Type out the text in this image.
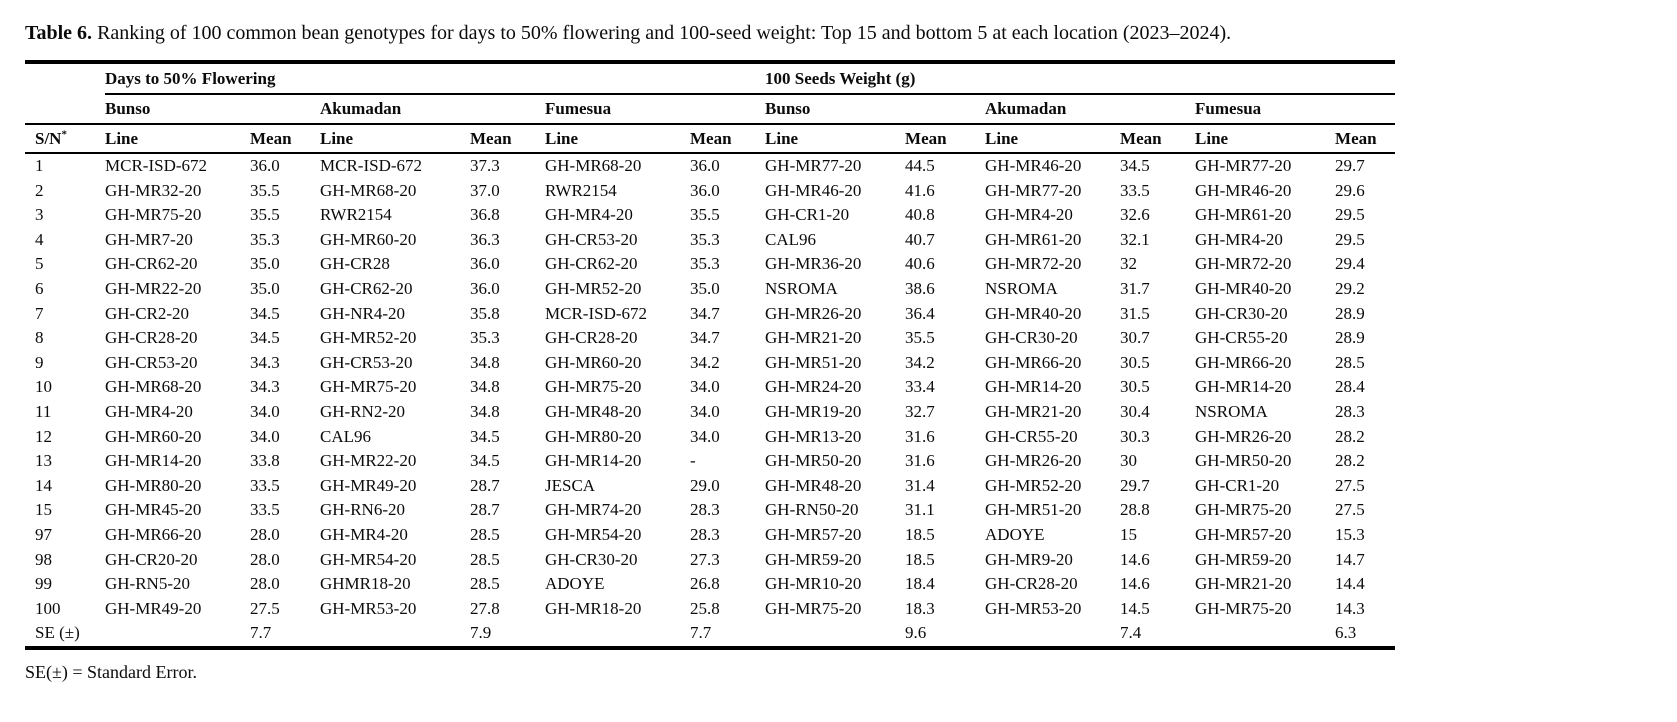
Table 6. Ranking of 100 common bean genotypes for days to 50% flowering and 100-seed weight: Top 15 and bottom 5 at each location (2023–2024).

	Days to 50% Flowering						100 Seeds Weight (g)					
	Bunso		Akumadan		Fumesua		Bunso		Akumadan		Fumesua	
S/N*	Line	Mean	Line	Mean	Line	Mean	Line	Mean	Line	Mean	Line	Mean
1	MCR-ISD-672	36.0	MCR-ISD-672	37.3	GH-MR68-20	36.0	GH-MR77-20	44.5	GH-MR46-20	34.5	GH-MR77-20	29.7
2	GH-MR32-20	35.5	GH-MR68-20	37.0	RWR2154	36.0	GH-MR46-20	41.6	GH-MR77-20	33.5	GH-MR46-20	29.6
3	GH-MR75-20	35.5	RWR2154	36.8	GH-MR4-20	35.5	GH-CR1-20	40.8	GH-MR4-20	32.6	GH-MR61-20	29.5
4	GH-MR7-20	35.3	GH-MR60-20	36.3	GH-CR53-20	35.3	CAL96	40.7	GH-MR61-20	32.1	GH-MR4-20	29.5
5	GH-CR62-20	35.0	GH-CR28	36.0	GH-CR62-20	35.3	GH-MR36-20	40.6	GH-MR72-20	32	GH-MR72-20	29.4
6	GH-MR22-20	35.0	GH-CR62-20	36.0	GH-MR52-20	35.0	NSROMA	38.6	NSROMA	31.7	GH-MR40-20	29.2
7	GH-CR2-20	34.5	GH-NR4-20	35.8	MCR-ISD-672	34.7	GH-MR26-20	36.4	GH-MR40-20	31.5	GH-CR30-20	28.9
8	GH-CR28-20	34.5	GH-MR52-20	35.3	GH-CR28-20	34.7	GH-MR21-20	35.5	GH-CR30-20	30.7	GH-CR55-20	28.9
9	GH-CR53-20	34.3	GH-CR53-20	34.8	GH-MR60-20	34.2	GH-MR51-20	34.2	GH-MR66-20	30.5	GH-MR66-20	28.5
10	GH-MR68-20	34.3	GH-MR75-20	34.8	GH-MR75-20	34.0	GH-MR24-20	33.4	GH-MR14-20	30.5	GH-MR14-20	28.4
11	GH-MR4-20	34.0	GH-RN2-20	34.8	GH-MR48-20	34.0	GH-MR19-20	32.7	GH-MR21-20	30.4	NSROMA	28.3
12	GH-MR60-20	34.0	CAL96	34.5	GH-MR80-20	34.0	GH-MR13-20	31.6	GH-CR55-20	30.3	GH-MR26-20	28.2
13	GH-MR14-20	33.8	GH-MR22-20	34.5	GH-MR14-20	-	GH-MR50-20	31.6	GH-MR26-20	30	GH-MR50-20	28.2
14	GH-MR80-20	33.5	GH-MR49-20	28.7	JESCA	29.0	GH-MR48-20	31.4	GH-MR52-20	29.7	GH-CR1-20	27.5
15	GH-MR45-20	33.5	GH-RN6-20	28.7	GH-MR74-20	28.3	GH-RN50-20	31.1	GH-MR51-20	28.8	GH-MR75-20	27.5
97	GH-MR66-20	28.0	GH-MR4-20	28.5	GH-MR54-20	28.3	GH-MR57-20	18.5	ADOYE	15	GH-MR57-20	15.3
98	GH-CR20-20	28.0	GH-MR54-20	28.5	GH-CR30-20	27.3	GH-MR59-20	18.5	GH-MR9-20	14.6	GH-MR59-20	14.7
99	GH-RN5-20	28.0	GHMR18-20	28.5	ADOYE	26.8	GH-MR10-20	18.4	GH-CR28-20	14.6	GH-MR21-20	14.4
100	GH-MR49-20	27.5	GH-MR53-20	27.8	GH-MR18-20	25.8	GH-MR75-20	18.3	GH-MR53-20	14.5	GH-MR75-20	14.3
SE (±)		7.7		7.9		7.7		9.6		7.4		6.3

SE(±) = Standard Error.
